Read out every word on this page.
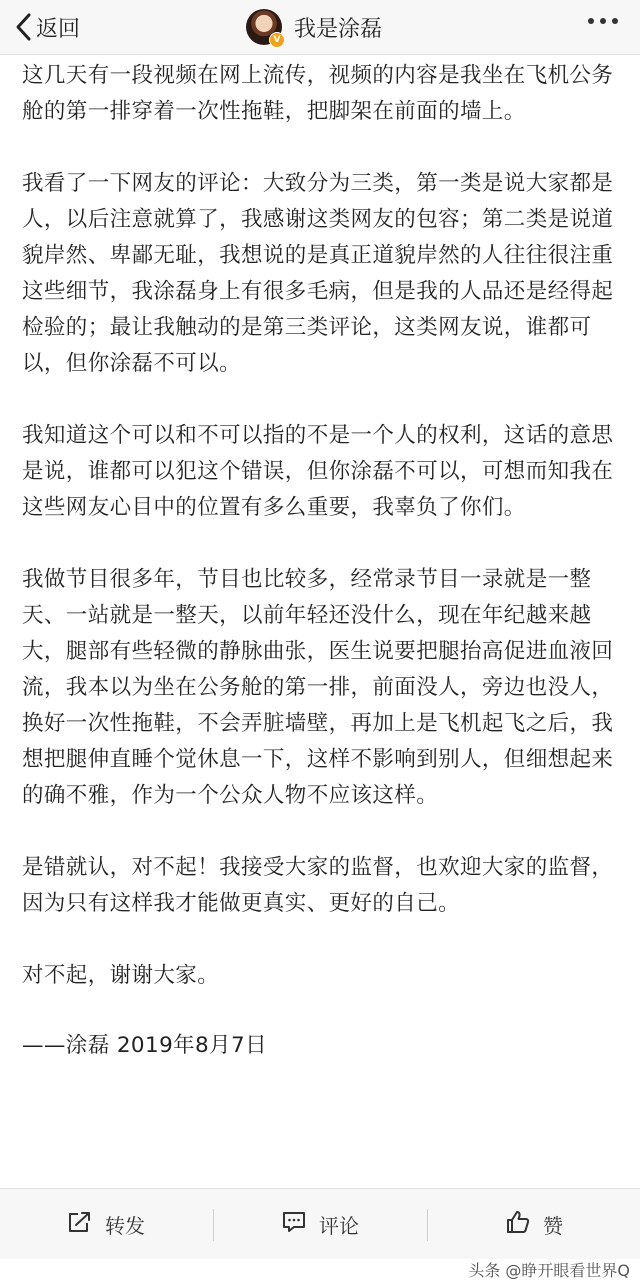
返回	V 我是涂磊

这几天有一段视频在网上流传，视频的内容是我坐在飞机公务舱的第一排穿着一次性拖鞋，把脚架在前面的墙上。

我看了一下网友的评论：大致分为三类，第一类是说大家都是人，以后注意就算了，我感谢这类网友的包容；第二类是说道貌岸然、卑鄙无耻，我想说的是真正道貌岸然的人往往很注重这些细节，我涂磊身上有很多毛病，但是我的人品还是经得起检验的；最让我触动的是第三类评论，这类网友说，谁都可以，但你涂磊不可以。

我知道这个可以和不可以指的不是一个人的权利，这话的意思是说，谁都可以犯这个错误，但你涂磊不可以，可想而知我在这些网友心目中的位置有多么重要，我辜负了你们。

我做节目很多年，节目也比较多，经常录节目一录就是一整天、一站就是一整天，以前年轻还没什么，现在年纪越来越大，腿部有些轻微的静脉曲张，医生说要把腿抬高促进血液回流，我本以为坐在公务舱的第一排，前面没人，旁边也没人，换好一次性拖鞋，不会弄脏墙壁，再加上是飞机起飞之后，我想把腿伸直睡个觉休息一下，这样不影响到别人，但细想起来的确不雅，作为一个公众人物不应该这样。

是错就认，对不起！我接受大家的监督，也欢迎大家的监督，因为只有这样我才能做更真实、更好的自己。

对不起，谢谢大家。

——涂磊 2019年8月7日

转发	评论	赞
头条 @睁开眼看世界Q
